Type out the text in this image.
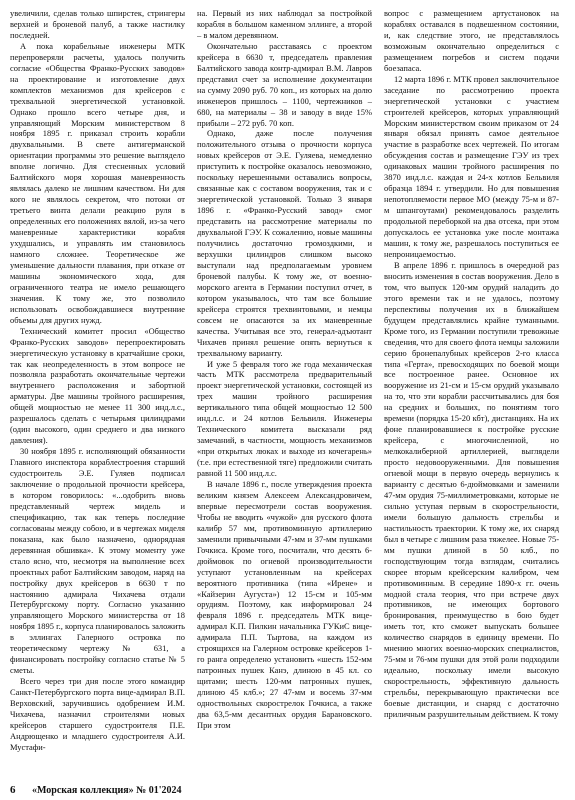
увеличили, сделав только шпирстек, стрингеры верхней и броневой палуб, а также настилку последней.

А пока корабельные инженеры МТК перепроверяли расчеты, удалось получить согласие «Общества Франко-Русских заводов» на проектирование и изготовление двух комплектов механизмов для крейсеров с трехвальной энергетической установкой. Однако прошло всего четыре дня, и управляющий Морским министерством 8 ноября 1895 г. приказал строить корабли двухвальными. В свете антигерманской ориентации программы это решение выглядело вполне логично. Для стесненных условий Балтийского моря хорошая маневренность являлась далеко не лишним качеством. Ни для кого не являлось секретом, что потоки от третьего винта делали реакцию руля в определенных его положениях вялой, из-за чего маневренные характеристики корабля ухудшались, и управлять им становилось намного сложнее. Теоретическое же уменьшение дальности плавания, при отказе от машины экономического хода, для ограниченного театра не имело решающего значения. К тому же, это позволило использовать освобождавшиеся внутренние объемы для других нужд.

Технический комитет просил «Общество Франко-Русских заводов» перепроектировать энергетическую установку в кратчайшие сроки, так как неопределенность в этом вопросе не позволяла разработать окончательные чертежи внутреннего расположения и забортной арматуры. Две машины тройного расширения, общей мощностью не менее 11 300 инд.л.с., разрешалось сделать с четырьмя цилиндрами (один высокого, один среднего и два низкого давления).

30 ноября 1895 г. исполняющий обязанности Главного инспектора кораблестроения старший судостроитель Э.Е. Гуляев подписал заключение о продольной прочности крейсера, в котором говорилось: «...одобрить вновь представленный чертеж мидель и спецификацию, так как теперь последние согласованы между собою, и в чертежах миделя показана, как было назначено, однорядная деревянная обшивка». К этому моменту уже стало ясно, что, несмотря на выполнение всех проектных работ Балтийским заводом, наряд на постройку двух крейсеров в 6630 т по настоянию адмирала Чихачева отдали Петербургскому порту. Согласно указанию управляющего Морского министерства от 18 ноября 1895 г., корпуса планировалось заложить в эллингах Галерного островка по теоретическому чертежу № 631, а финансировать постройку согласно статье № 5 сметы.

Всего через три дня после этого командир Санкт-Петербургского порта вице-адмирал В.П. Верховский, заручившись одобрением И.М. Чихачева, назначил строителями новых крейсеров старшего судостроителя П.Е. Андрющенко и младшего судостроителя А.И. Мустафи-

на. Первый из них наблюдал за постройкой корабля в большом каменном эллинге, а второй – в малом деревянном.

Окончательно расставаясь с проектом крейсера в 6630 т, председатель правления Балтийского завода контр-адмирал В.М. Лавров представил счет за исполнение документации на сумму 2090 руб. 70 коп., из которых на долю инженеров пришлось – 1100, чертежников – 680, на материалы – 38 и заводу в виде 15% прибыли – 272 руб. 70 коп.

Однако, даже после получения положительного отзыва о прочности корпуса новых крейсеров от Э.Е. Гуляева, немедленно приступить к постройке оказалось невозможно, поскольку нерешенными оставались вопросы, связанные как с составом вооружения, так и с энергетической установкой. Только 3 января 1896 г. «Франко-Русский завод» смог представить на рассмотрение материалы по двухвальной ГЭУ. К сожалению, новые машины получились достаточно громоздкими, и верхушки цилиндров слишком высоко выступали над предполагаемым уровнем броневой палубы. К тому же, от военно-морского агента в Германии поступил отчет, в котором указывалось, что там все большие крейсера строятся трехвинтовыми, и немцы совсем не опасаются за их маневренные качества. Учитывая все это, генерал-адъютант Чихачев принял решение опять вернуться к трехвальному варианту.

И уже 5 февраля того же года механическая часть МТК рассмотрела предварительный проект энергетической установки, состоящей из трех машин тройного расширения вертикального типа общей мощностью 12 500 инд.л.с. и 24 котлов Бельвиля. Инженеры Технического комитета высказали ряд замечаний, в частности, мощность механизмов «при открытых люках и выходе из кочегарень» (т.е. при естественной тяге) предложили считать равной 11 500 инд.л.с.

В начале 1896 г., после утверждения проекта великим князем Алексеем Александровичем, впервые пересмотрели состав вооружения. Чтобы не вводить «чужой» для русского флота калибр 57 мм, противоминную артиллерию заменили привычными 47-мм и 37-мм пушками Гочкиса. Кроме того, посчитали, что десять 6-дюймовок по огневой производительности уступают установленным на крейсерах вероятного противника (типа «Ирене» и «Кайзерин Аугуста») 12 15-см и 105-мм орудиям. Поэтому, как информировал 24 февраля 1896 г. председатель МТК вице-адмирал К.П. Пилкин начальника ГУКиС вице-адмирала П.П. Тыртова, на каждом из строящихся на Галерном островке крейсеров 1-го ранга определено установить «шесть 152-мм патронных пушек Канэ, длиною в 45 кл. со щитами; шесть 120-мм патронных пушек, длиною 45 клб.»; 27 47-мм и восемь 37-мм одноствольных скорострелок Гочкиса, а также два 63,5-мм десантных орудия Барановского. При этом

вопрос с размещением артустановок на кораблях оставался в подвешенном состоянии, и, как следствие этого, не представлялось возможным окончательно определиться с размещением погребов и систем подачи боезапаса.

12 марта 1896 г. МТК провел заключительное заседание по рассмотрению проекта энергетической установки с участием строителей крейсеров, которых управляющий Морским министерством своим приказом от 24 января обязал принять самое деятельное участие в разработке всех чертежей. По итогам обсуждения состав и размещение ГЭУ из трех одинаковых машин тройного расширения по 3870 инд.л.с. каждая и 24-х котлов Бельвиля образца 1894 г. утвердили. Но для повышения непотопляемости первое МО (между 75-м и 87-м шпангоутами) рекомендовалось разделить продольной переборкой на два отсека, при этом допускалось ее установка уже после монтажа машин, к тому же, разрешалось поступиться ее непроницаемостью.

В апреле 1896 г. пришлось в очередной раз вносить изменения в состав вооружения. Дело в том, что выпуск 120-мм орудий наладить до этого времени так и не удалось, поэтому перспективы получения их в ближайшем будущем представлялись крайне туманными. Кроме того, из Германии поступили тревожные сведения, что для своего флота немцы заложили серию бронепалубных крейсеров 2-го класса типа «Герта», превосходящих по боевой мощи все построенное ранее. Основное их вооружение из 21-см и 15-см орудий указывало на то, что эти корабли рассчитывались для боя на средних и больших, по понятиям того времени (порядка 15-20 кбт), дистанциях. На их фоне планировавшиеся к постройке русские крейсера, с многочисленной, но мелкокалиберной артиллерией, выглядели просто недовооруженными. Для повышения огневой мощи в первую очередь вернулись к варианту с десятью 6-дюймовками и заменили 47-мм орудия 75-миллиметровками, которые не сильно уступая первым в скорострельности, имели большую дальность стрельбы и настильность траектории. К тому же, их снаряд был в четыре с лишним раза тяжелее. Новые 75-мм пушки длиной в 50 клб., по господствующим тогда взглядам, считались скорее вторым крейсерским калибром, чем противоминным. В середине 1890-х гг. очень модной стала теория, что при встрече двух противников, не имеющих бортового бронирования, преимущество в бою будет иметь тот, кто сможет выпускать большее количество снарядов в единицу времени. По мнению многих военно-морских специалистов, 75-мм и 76-мм пушки для этой роли подходили идеально, поскольку имели высокую скорострельность, эффективную дальность стрельбы, перекрывающую практически все боевые дистанции, и снаряд с достаточно приличным разрушительным действием. К тому

6 «Морская коллекция» № 01'2024
